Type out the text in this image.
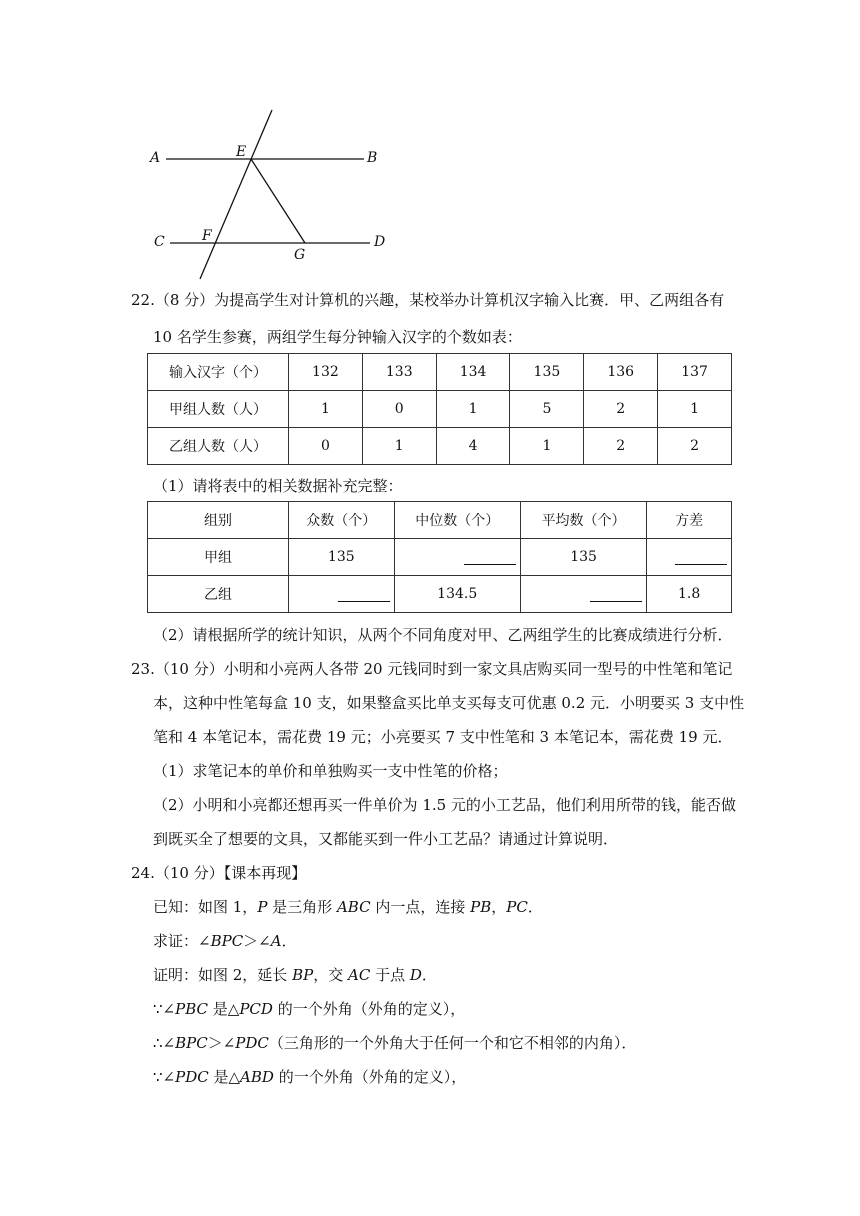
A	B
E
C	F	D
G
22.（8 分）为提高学生对计算机的兴趣，某校举办计算机汉字输入比赛．甲、乙两组各有
10 名学生参赛，两组学生每分钟输入汉字的个数如表：
输入汉字（个）	132	133	134	135	136	137
甲组人数（人）	1	0	1	5	2	1
乙组人数（人）	0	1	4	1	2	2
（1）请将表中的相关数据补充完整：
组别	众数（个）	中位数（个）	平均数（个）	方差
甲组	135		135	
乙组		134.5		1.8
（2）请根据所学的统计知识，从两个不同角度对甲、乙两组学生的比赛成绩进行分析．
23.（10 分）小明和小亮两人各带 20 元钱同时到一家文具店购买同一型号的中性笔和笔记
本，这种中性笔每盒 10 支，如果整盒买比单支买每支可优惠 0.2 元．小明要买 3 支中性
笔和 4 本笔记本，需花费 19 元；小亮要买 7 支中性笔和 3 本笔记本，需花费 19 元．
（1）求笔记本的单价和单独购买一支中性笔的价格；
（2）小明和小亮都还想再买一件单价为 1.5 元的小工艺品，他们利用所带的钱，能否做
到既买全了想要的文具，又都能买到一件小工艺品？请通过计算说明．
24.（10 分）【课本再现】
已知：如图 1，P 是三角形 ABC 内一点，连接 PB，PC．
求证：∠BPC＞∠A．
证明：如图 2，延长 BP，交 AC 于点 D．
∵∠PBC 是△PCD 的一个外角（外角的定义），
∴∠BPC＞∠PDC（三角形的一个外角大于任何一个和它不相邻的内角）．
∵∠PDC 是△ABD 的一个外角（外角的定义），
